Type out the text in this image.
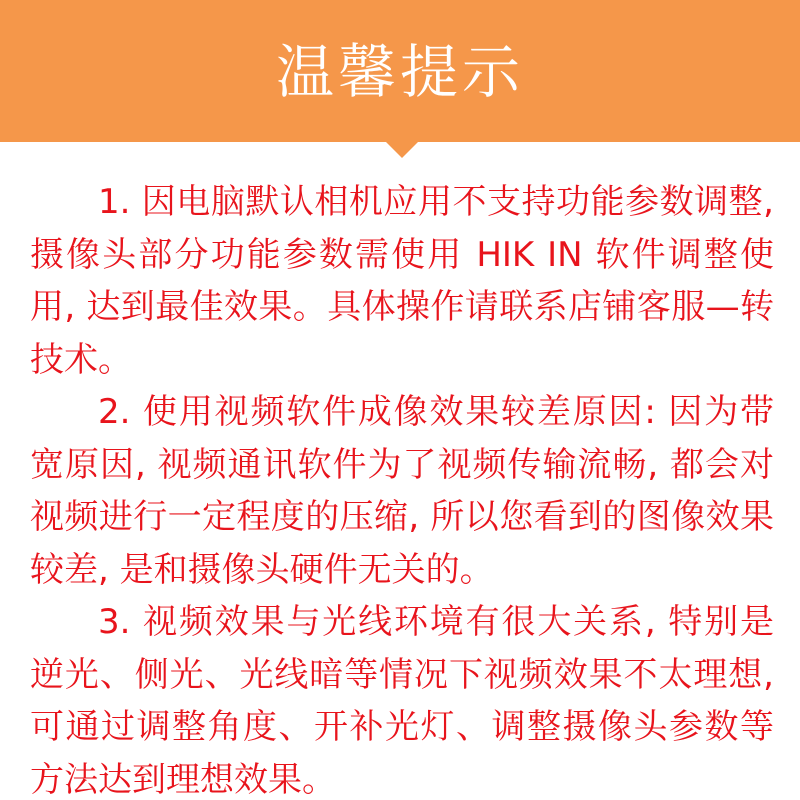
温馨提示

1. 因电脑默认相机应用不支持功能参数调整, 摄像头部分功能参数需使用 HIK IN 软件调整使用, 达到最佳效果。具体操作请联系店铺客服—转技术。

2. 使用视频软件成像效果较差原因: 因为带宽原因, 视频通讯软件为了视频传输流畅, 都会对视频进行一定程度的压缩, 所以您看到的图像效果较差, 是和摄像头硬件无关的。

3. 视频效果与光线环境有很大关系, 特别是逆光、侧光、光线暗等情况下视频效果不太理想, 可通过调整角度、开补光灯、调整摄像头参数等方法达到理想效果。
